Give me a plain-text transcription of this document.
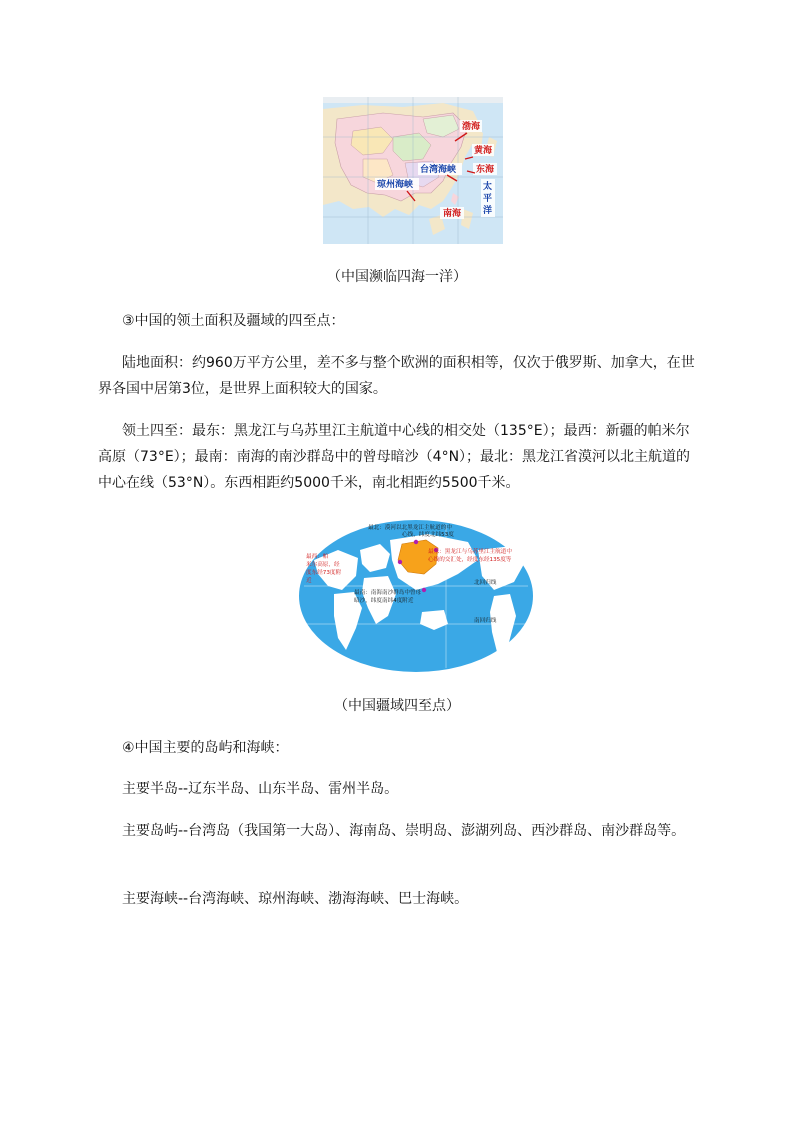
渤海
黄海
东海
台湾海峡
琼州海峡	太
平
洋
南海
（中国濒临四海一洋）

③中国的领土面积及疆域的四至点：

陆地面积：约960万平方公里，差不多与整个欧洲的面积相等，仅次于俄罗斯、加拿大，在世界各国中居第3位，是世界上面积较大的国家。

领土四至：最东：黑龙江与乌苏里江主航道中心线的相交处（135°E）；最西：新疆的帕米尔高原（73°E）；最南：南海的南沙群岛中的曾母暗沙（4°N）；最北：黑龙江省漠河以北主航道的中心在线（53°N）。东西相距约5000千米，南北相距约5500千米。

最北：漠河以北黑龙江主航道的中
心线，纬度北纬53度
最东：黑龙江与乌苏里江主航道中
心线的交汇处，经度东经135度等
最西：帕
米尔高原，经
度东经73度附
近
最南：南海南沙群岛中曾母
暗沙，纬度南纬4度附近
北回归线
南回归线
（中国疆域四至点）

④中国主要的岛屿和海峡：

主要半岛--辽东半岛、山东半岛、雷州半岛。

主要岛屿--台湾岛（我国第一大岛）、海南岛、崇明岛、澎湖列岛、西沙群岛、南沙群岛等。

主要海峡--台湾海峡、琼州海峡、渤海海峡、巴士海峡。
